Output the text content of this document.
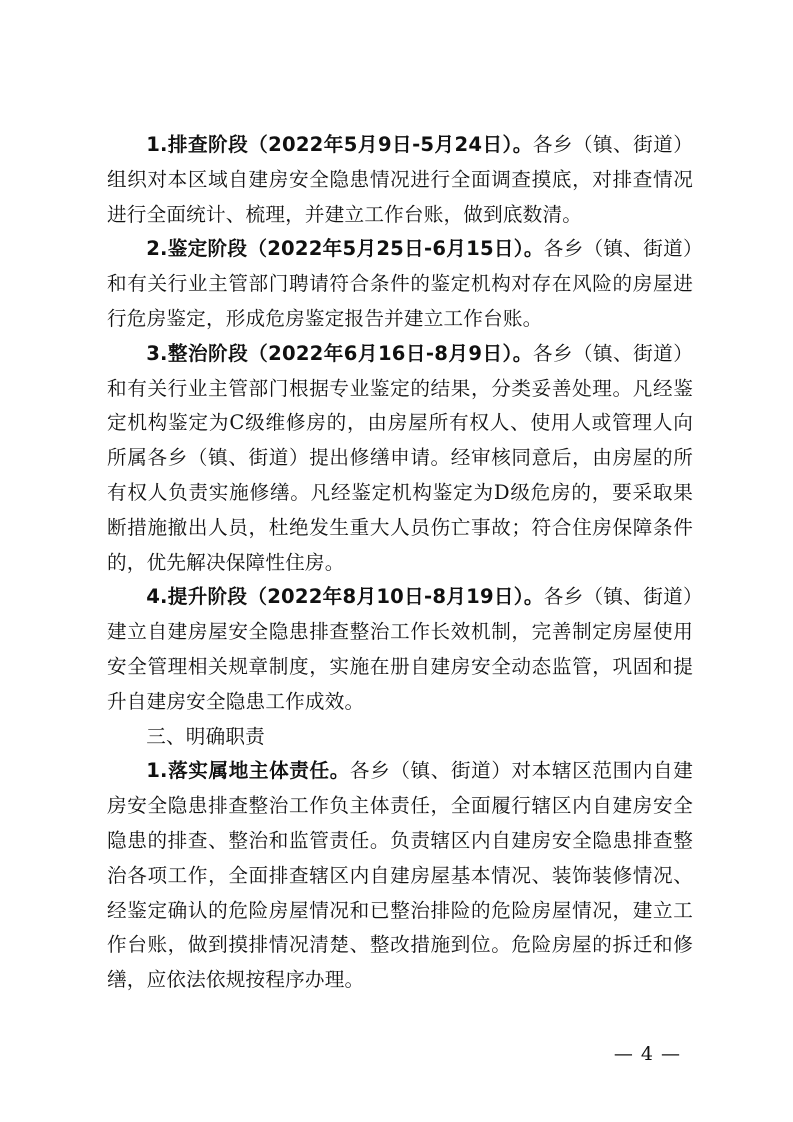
1.排查阶段（2022年5月9日-5月24日）。各乡（镇、街道）组织对本区域自建房安全隐患情况进行全面调查摸底，对排查情况进行全面统计、梳理，并建立工作台账，做到底数清。

2.鉴定阶段（2022年5月25日-6月15日）。各乡（镇、街道）和有关行业主管部门聘请符合条件的鉴定机构对存在风险的房屋进行危房鉴定，形成危房鉴定报告并建立工作台账。

3.整治阶段（2022年6月16日-8月9日）。各乡（镇、街道）和有关行业主管部门根据专业鉴定的结果，分类妥善处理。凡经鉴定机构鉴定为C级维修房的，由房屋所有权人、使用人或管理人向所属各乡（镇、街道）提出修缮申请。经审核同意后，由房屋的所有权人负责实施修缮。凡经鉴定机构鉴定为D级危房的，要采取果断措施撤出人员，杜绝发生重大人员伤亡事故；符合住房保障条件的，优先解决保障性住房。

4.提升阶段（2022年8月10日-8月19日）。各乡（镇、街道）建立自建房屋安全隐患排查整治工作长效机制，完善制定房屋使用安全管理相关规章制度，实施在册自建房安全动态监管，巩固和提升自建房安全隐患工作成效。

三、明确职责

1.落实属地主体责任。各乡（镇、街道）对本辖区范围内自建房安全隐患排查整治工作负主体责任，全面履行辖区内自建房安全隐患的排查、整治和监管责任。负责辖区内自建房安全隐患排查整治各项工作，全面排查辖区内自建房屋基本情况、装饰装修情况、经鉴定确认的危险房屋情况和已整治排险的危险房屋情况，建立工作台账，做到摸排情况清楚、整改措施到位。危险房屋的拆迁和修缮，应依法依规按程序办理。

— 4 —
